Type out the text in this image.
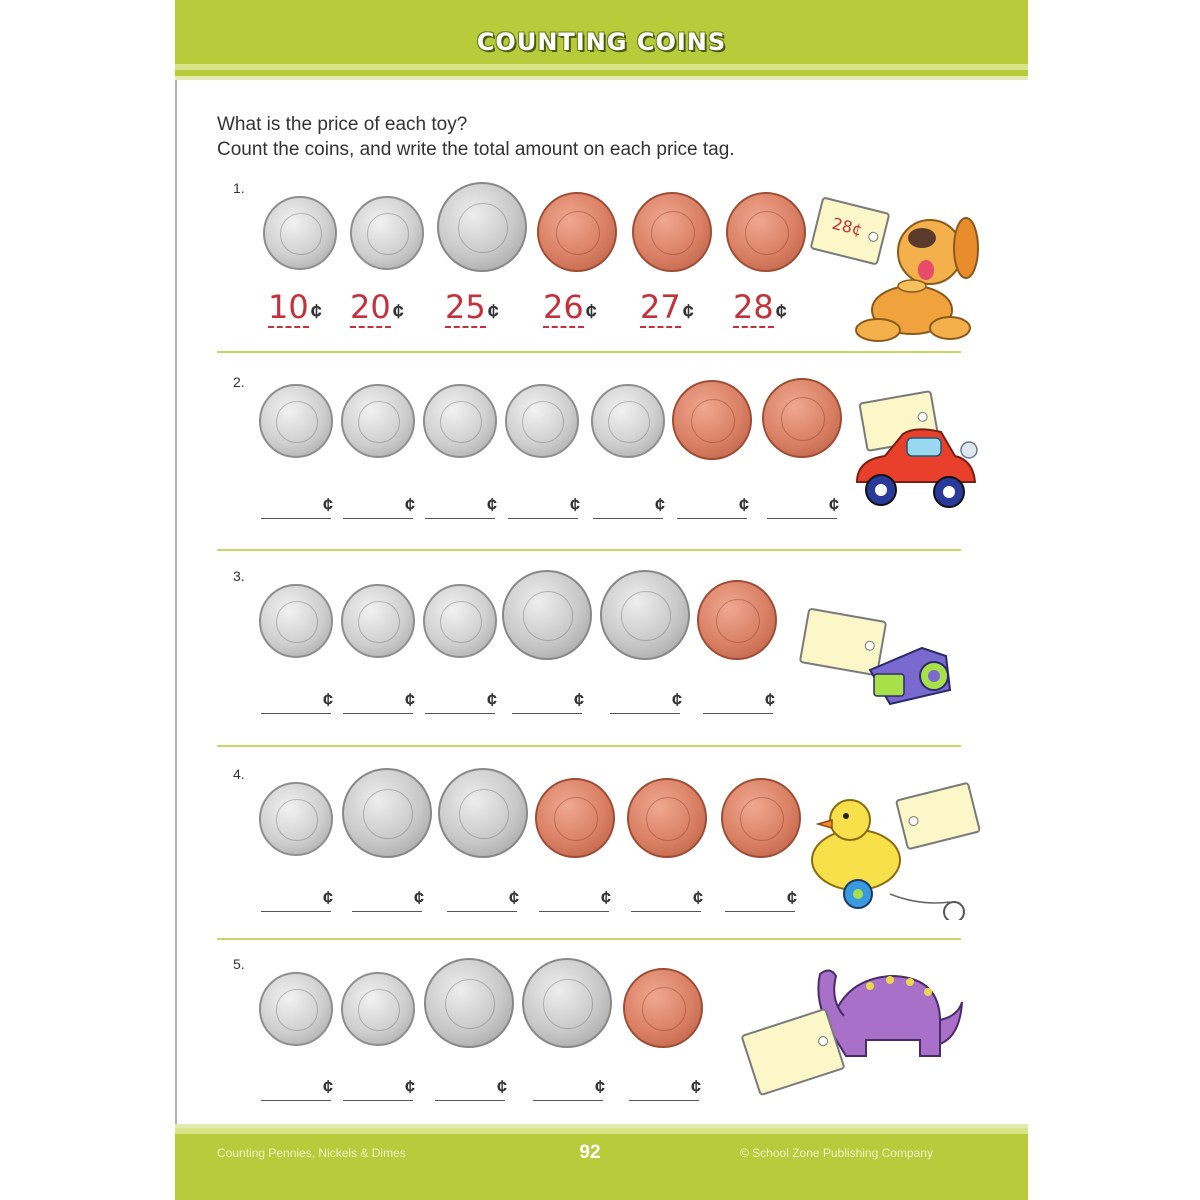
COUNTING COINS
What is the price of each toy?
Count the coins, and write the total amount on each price tag.
1.
10 ¢ 20 ¢ 25 ¢ 26 ¢ 27 ¢ 28 ¢
28¢
2.
¢	¢	¢	¢	¢	¢	¢
3.
¢	¢	¢	¢	¢	¢
4.
¢	¢	¢	¢	¢	¢
5.
¢	¢	¢	¢	¢
Counting Pennies, Nickels & Dimes	92	© School Zone Publishing Company
